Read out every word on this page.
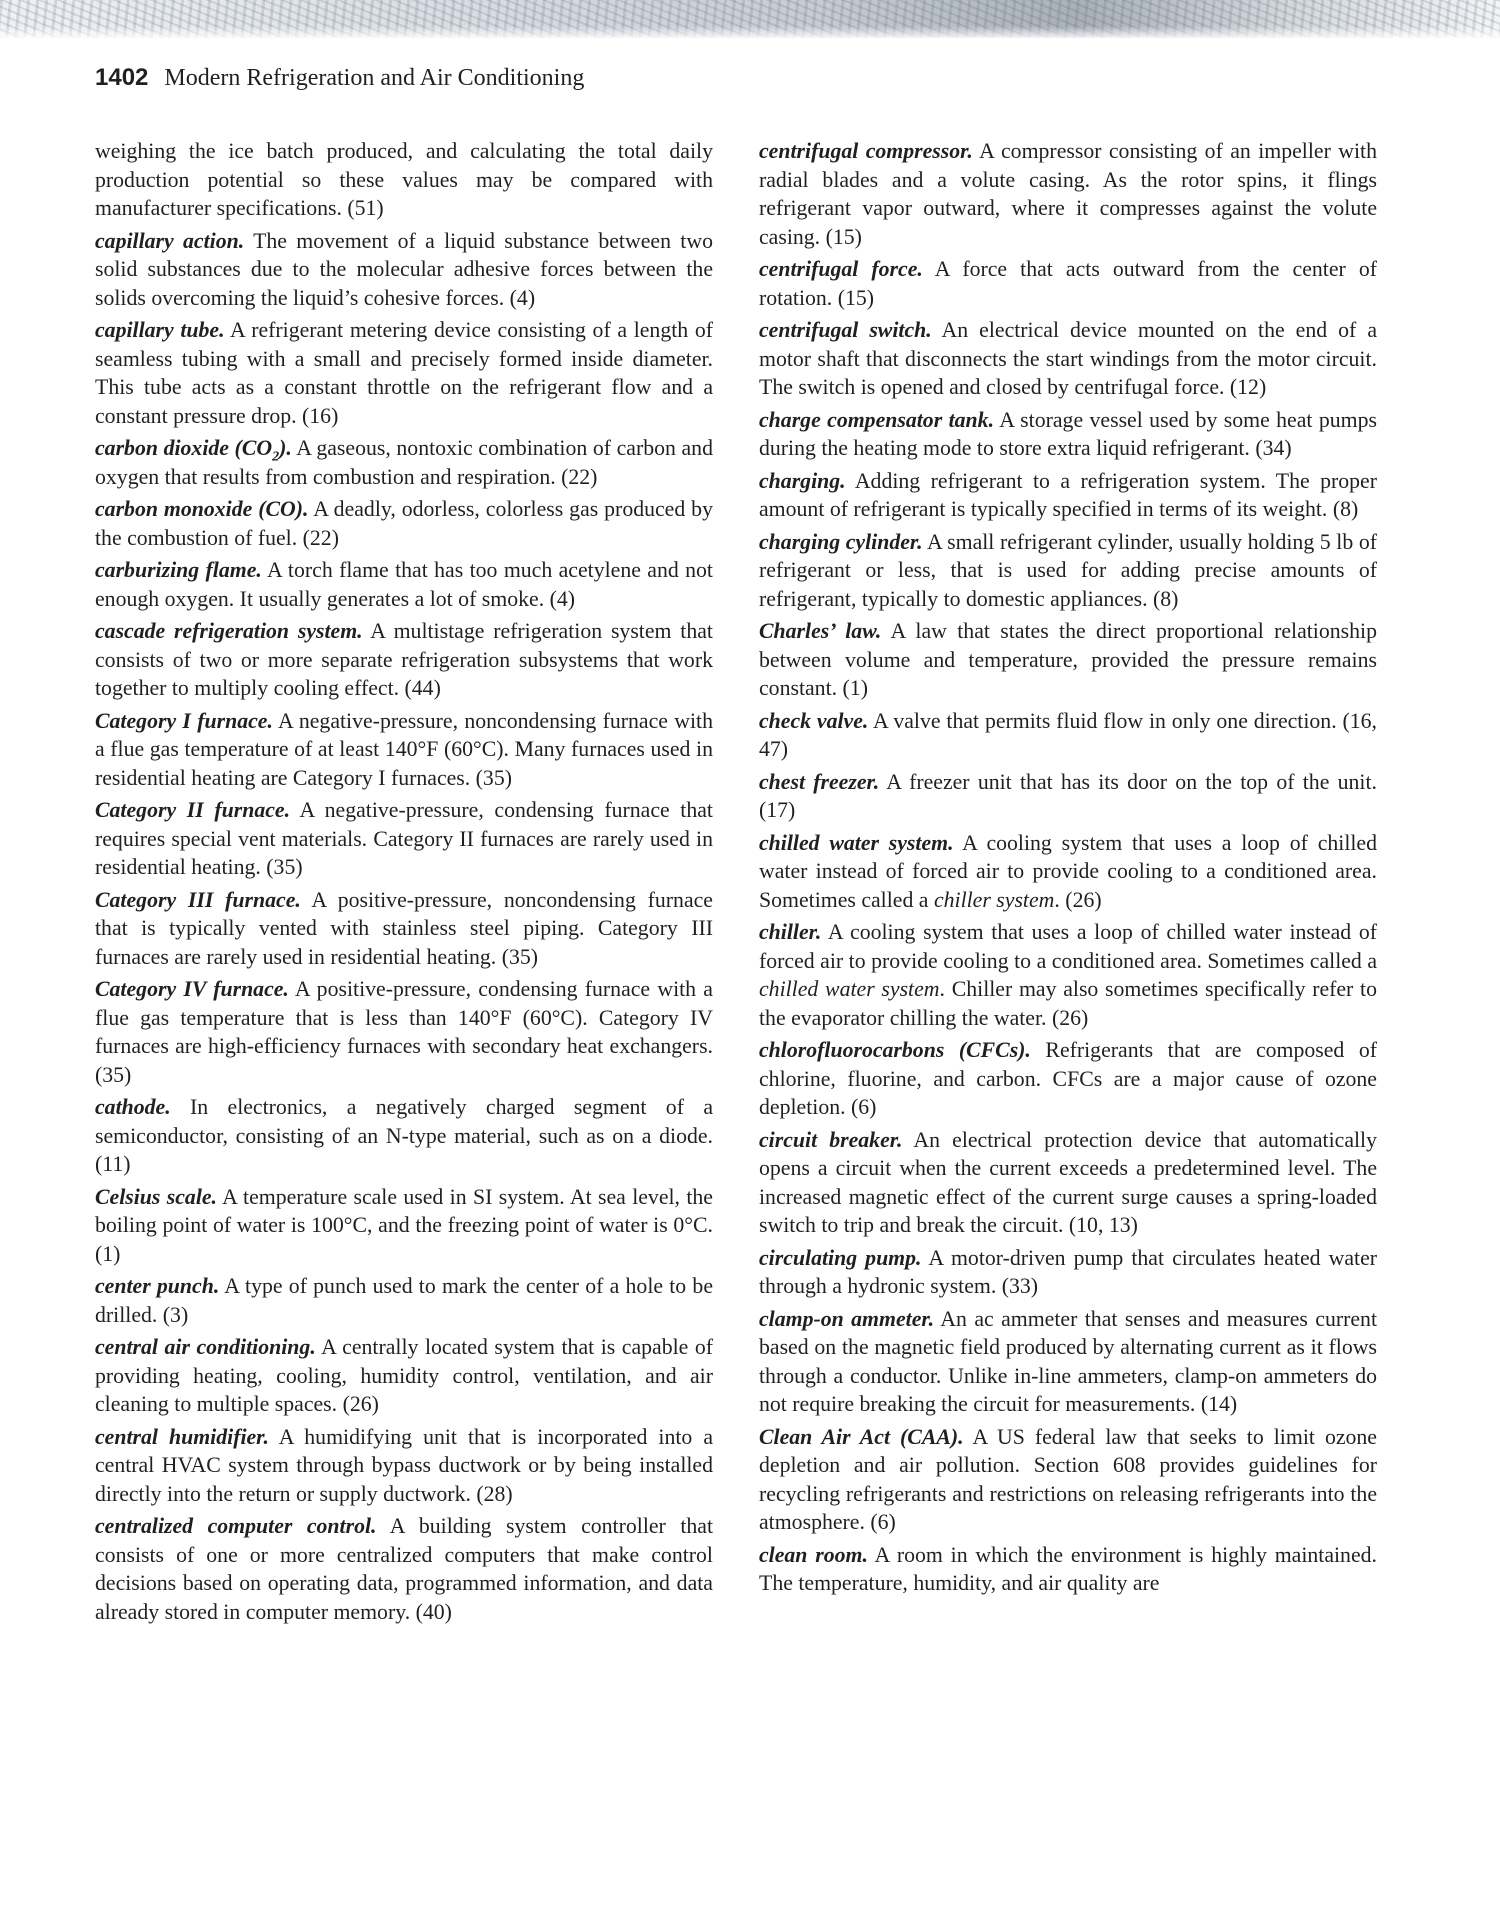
1402 Modern Refrigeration and Air Conditioning

weighing the ice batch produced, and calculating the total daily production potential so these values may be compared with manufacturer specifications. (51)

capillary action. The movement of a liquid substance between two solid substances due to the molecular adhesive forces between the solids overcoming the liquid’s cohesive forces. (4)

capillary tube. A refrigerant metering device consisting of a length of seamless tubing with a small and precisely formed inside diameter. This tube acts as a constant throttle on the refrigerant flow and a constant pressure drop. (16)

carbon dioxide $(CO_2)$. A gaseous, nontoxic combination of carbon and oxygen that results from combustion and respiration. (22)

carbon monoxide (CO). A deadly, odorless, colorless gas produced by the combustion of fuel. (22)

carburizing flame. A torch flame that has too much acetylene and not enough oxygen. It usually generates a lot of smoke. (4)

cascade refrigeration system. A multistage refrigeration system that consists of two or more separate refrigeration subsystems that work together to multiply cooling effect. (44)

Category I furnace. A negative-pressure, noncondensing furnace with a flue gas temperature of at least 140°F (60°C). Many furnaces used in residential heating are Category I furnaces. (35)

Category II furnace. A negative-pressure, condensing furnace that requires special vent materials. Category II furnaces are rarely used in residential heating. (35)

Category III furnace. A positive-pressure, noncondensing furnace that is typically vented with stainless steel piping. Category III furnaces are rarely used in residential heating. (35)

Category IV furnace. A positive-pressure, condensing furnace with a flue gas temperature that is less than 140°F (60°C). Category IV furnaces are high-efficiency furnaces with secondary heat exchangers. (35)

cathode. In electronics, a negatively charged segment of a semiconductor, consisting of an N-type material, such as on a diode. (11)

Celsius scale. A temperature scale used in SI system. At sea level, the boiling point of water is 100°C, and the freezing point of water is 0°C. (1)

center punch. A type of punch used to mark the center of a hole to be drilled. (3)

central air conditioning. A centrally located system that is capable of providing heating, cooling, humidity control, ventilation, and air cleaning to multiple spaces. (26)

central humidifier. A humidifying unit that is incorporated into a central HVAC system through bypass ductwork or by being installed directly into the return or supply ductwork. (28)

centralized computer control. A building system controller that consists of one or more centralized computers that make control decisions based on operating data, programmed information, and data already stored in computer memory. (40)

centrifugal compressor. A compressor consisting of an impeller with radial blades and a volute casing. As the rotor spins, it flings refrigerant vapor outward, where it compresses against the volute casing. (15)

centrifugal force. A force that acts outward from the center of rotation. (15)

centrifugal switch. An electrical device mounted on the end of a motor shaft that disconnects the start windings from the motor circuit. The switch is opened and closed by centrifugal force. (12)

charge compensator tank. A storage vessel used by some heat pumps during the heating mode to store extra liquid refrigerant. (34)

charging. Adding refrigerant to a refrigeration system. The proper amount of refrigerant is typically specified in terms of its weight. (8)

charging cylinder. A small refrigerant cylinder, usually holding 5 lb of refrigerant or less, that is used for adding precise amounts of refrigerant, typically to domestic appliances. (8)

Charles’ law. A law that states the direct proportional relationship between volume and temperature, provided the pressure remains constant. (1)

check valve. A valve that permits fluid flow in only one direction. (16, 47)

chest freezer. A freezer unit that has its door on the top of the unit. (17)

chilled water system. A cooling system that uses a loop of chilled water instead of forced air to provide cooling to a conditioned area. Sometimes called a chiller system. (26)

chiller. A cooling system that uses a loop of chilled water instead of forced air to provide cooling to a conditioned area. Sometimes called a chilled water system. Chiller may also sometimes specifically refer to the evaporator chilling the water. (26)

chlorofluorocarbons (CFCs). Refrigerants that are composed of chlorine, fluorine, and carbon. CFCs are a major cause of ozone depletion. (6)

circuit breaker. An electrical protection device that automatically opens a circuit when the current exceeds a predetermined level. The increased magnetic effect of the current surge causes a spring-loaded switch to trip and break the circuit. (10, 13)

circulating pump. A motor-driven pump that circulates heated water through a hydronic system. (33)

clamp-on ammeter. An ac ammeter that senses and measures current based on the magnetic field produced by alternating current as it flows through a conductor. Unlike in-line ammeters, clamp-on ammeters do not require breaking the circuit for measurements. (14)

Clean Air Act (CAA). A US federal law that seeks to limit ozone depletion and air pollution. Section 608 provides guidelines for recycling refrigerants and restrictions on releasing refrigerants into the atmosphere. (6)

clean room. A room in which the environment is highly maintained. The temperature, humidity, and air quality are
